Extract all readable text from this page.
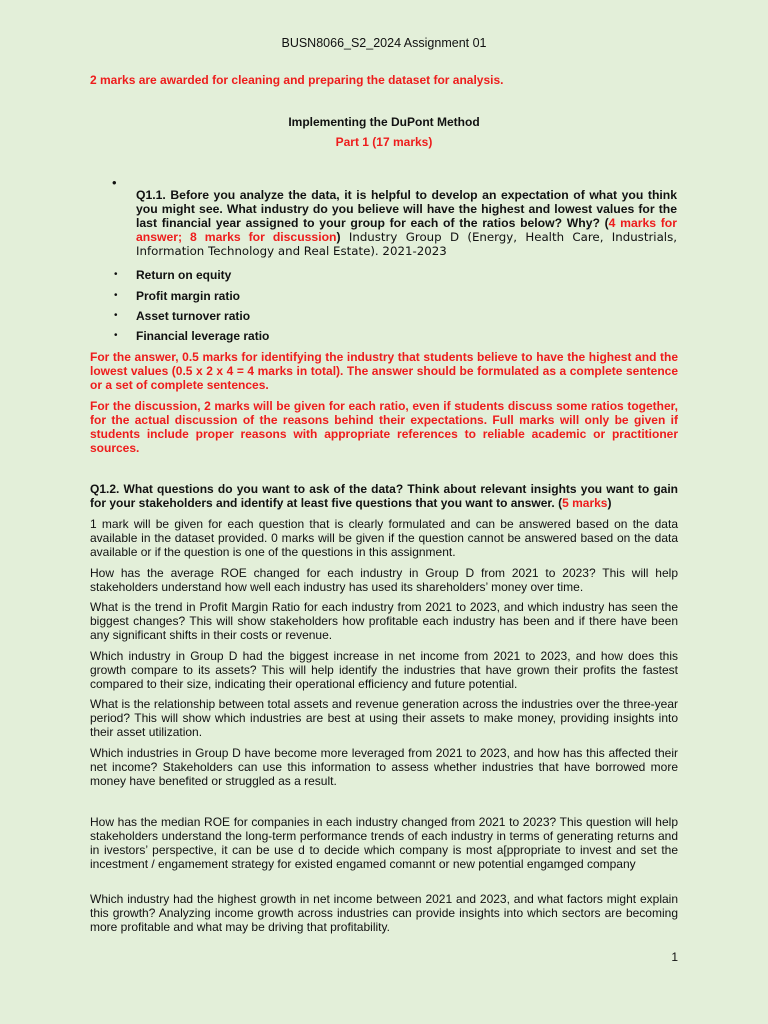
BUSN8066_S2_2024 Assignment 01

2 marks are awarded for cleaning and preparing the dataset for analysis.

Implementing the DuPont Method

Part 1 (17 marks)

•

Q1.1. Before you analyze the data, it is helpful to develop an expectation of what you think you might see. What industry do you believe will have the highest and lowest values for the last financial year assigned to your group for each of the ratios below? Why? (4 marks for answer; 8 marks for discussion) Industry Group D (Energy, Health Care, Industrials, Information Technology and Real Estate). 2021-2023

• Return on equity
• Profit margin ratio
• Asset turnover ratio
• Financial leverage ratio

For the answer, 0.5 marks for identifying the industry that students believe to have the highest and the lowest values (0.5 x 2 x 4 = 4 marks in total). The answer should be formulated as a complete sentence or a set of complete sentences.

For the discussion, 2 marks will be given for each ratio, even if students discuss some ratios together, for the actual discussion of the reasons behind their expectations. Full marks will only be given if students include proper reasons with appropriate references to reliable academic or practitioner sources.

Q1.2. What questions do you want to ask of the data? Think about relevant insights you want to gain for your stakeholders and identify at least five questions that you want to answer. (5 marks)

1 mark will be given for each question that is clearly formulated and can be answered based on the data available in the dataset provided. 0 marks will be given if the question cannot be answered based on the data available or if the question is one of the questions in this assignment.

How has the average ROE changed for each industry in Group D from 2021 to 2023? This will help stakeholders understand how well each industry has used its shareholders’ money over time.

What is the trend in Profit Margin Ratio for each industry from 2021 to 2023, and which industry has seen the biggest changes? This will show stakeholders how profitable each industry has been and if there have been any significant shifts in their costs or revenue.

Which industry in Group D had the biggest increase in net income from 2021 to 2023, and how does this growth compare to its assets? This will help identify the industries that have grown their profits the fastest compared to their size, indicating their operational efficiency and future potential.

What is the relationship between total assets and revenue generation across the industries over the three-year period? This will show which industries are best at using their assets to make money, providing insights into their asset utilization.

Which industries in Group D have become more leveraged from 2021 to 2023, and how has this affected their net income? Stakeholders can use this information to assess whether industries that have borrowed more money have benefited or struggled as a result.

How has the median ROE for companies in each industry changed from 2021 to 2023? This question will help stakeholders understand the long-term performance trends of each industry in terms of generating returns and in ivestors’ perspective, it can be use d to decide which company is most a[ppropriate to invest and set the incestment / engamement strategy for existed engamed comannt or new potential engamged company

Which industry had the highest growth in net income between 2021 and 2023, and what factors might explain this growth? Analyzing income growth across industries can provide insights into which sectors are becoming more profitable and what may be driving that profitability.

1
